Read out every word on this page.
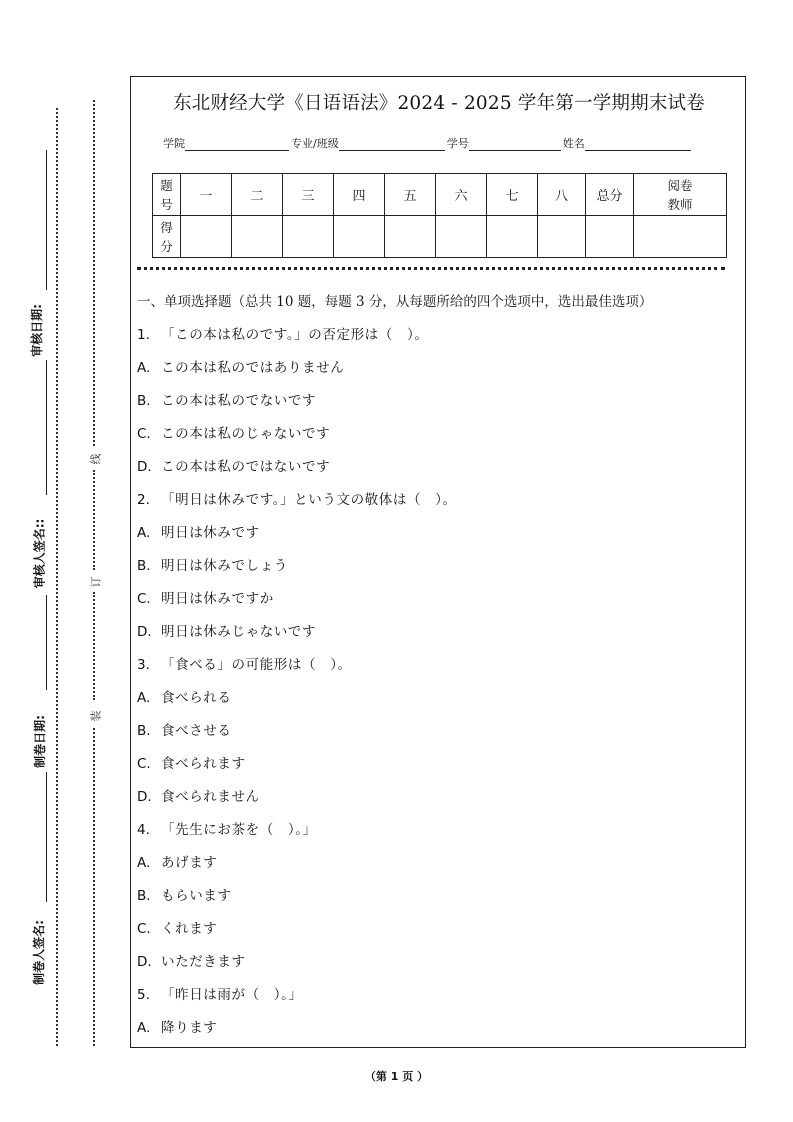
审核日期:
审核人签名::
制卷日期:
制卷人签名:
线
订
装
东北财经大学《日语语法》2024 - 2025 学年第一学期期末试卷
学院	专业/班级	学号	姓名
题
号	一	二	三	四	五	六	七	八	总分	阅卷
教师
得
分										
一、单项选择题（总共 10 题，每题 3 分，从每题所给的四个选项中，选出最佳选项）
1. 「この本は私のです。」の否定形は（　）。
A. この本は私のではありません
B. この本は私のでないです
C. この本は私のじゃないです
D. この本は私のではないです
2. 「明日は休みです。」という文の敬体は（　）。
A. 明日は休みです
B. 明日は休みでしょう
C. 明日は休みですか
D. 明日は休みじゃないです
3. 「食べる」の可能形は（　）。
A. 食べられる
B. 食べさせる
C. 食べられます
D. 食べられません
4. 「先生にお茶を（　）。」
A. あげます
B. もらいます
C. くれます
D. いただきます
5. 「昨日は雨が（　）。」
A. 降ります
（第 1 页 ）
